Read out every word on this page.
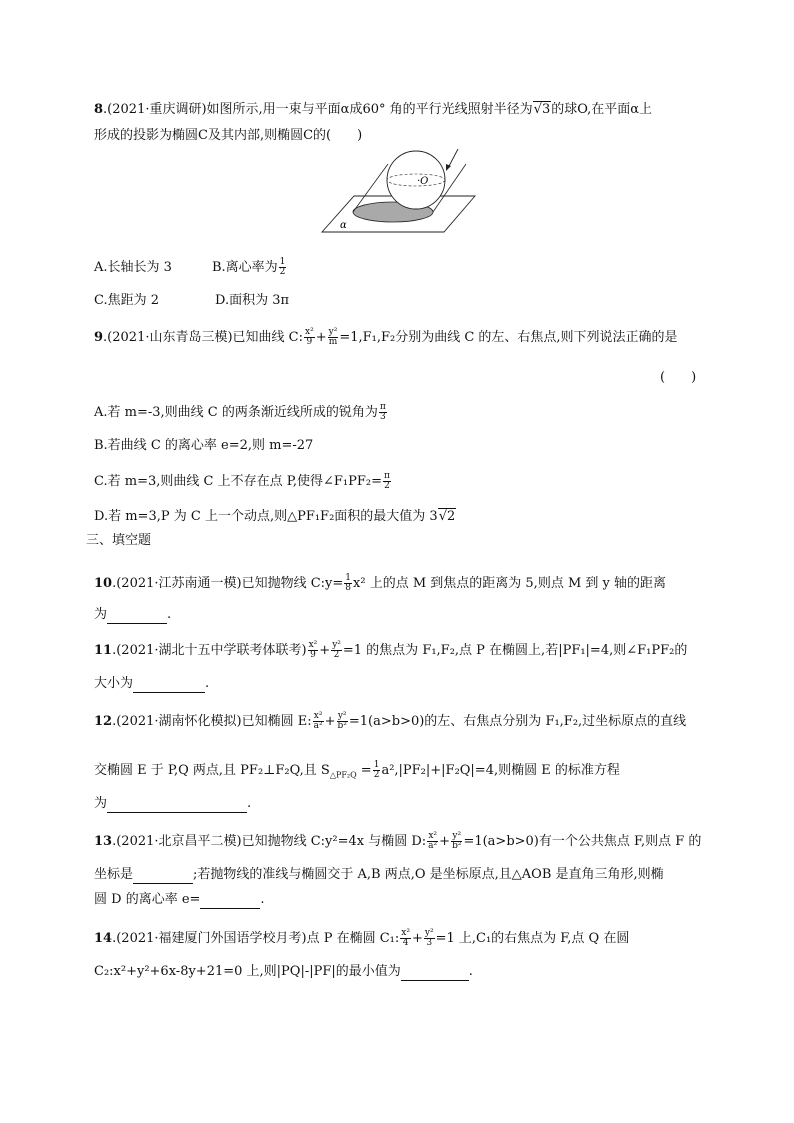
8.(2021·重庆调研)如图所示,用一束与平面α成60° 角的平行光线照射半径为√3的球O,在平面α上
形成的投影为椭圆C及其内部,则椭圆C的(　　)
·O
α
A.长轴长为 3	B.离心率为 $\frac{1}{2}$
C.焦距为 2	D.面积为 3π
9.(2021·山东青岛三模)已知曲线 C: $\frac{\text{x²}}{9} + \frac{\text{y²}}{m} =1,F_1,F_2$分别为曲线 C 的左、右焦点,则下列说法正确的是
(　　)
A.若 m=-3,则曲线 C 的两条渐近线所成的锐角为 $\frac{\pi}{3}$
B.若曲线 C 的离心率 e=2,则 m=-27
C.若 m=3,则曲线 C 上不存在点 P,使得∠F₁PF₂= $\frac{\pi}{2}$
D.若 m=3,P 为 C 上一个动点,则△PF₁F₂面积的最大值为 3√2
三、填空题
10.(2021·江苏南通一模)已知抛物线 C:y= $\frac{1}{8} x^2$ 上的点 M 到焦点的距离为 5,则点 M 到 y 轴的距离
为	.
11.(2021·湖北十五中学联考体联考) $\frac{\text{x²}}{9} + \frac{\text{y²}}{2} =1$ 的焦点为 F₁,F₂,点 P 在椭圆上,若|PF₁|=4,则∠F₁PF₂的
大小为	.
12.(2021·湖南怀化模拟)已知椭圆 E: $\frac{\text{x²}}{\text{a²}} + \frac{\text{y²}}{\text{b²}} =1(a>b>0)$的左、右焦点分别为 F₁,F₂,过坐标原点的直线
交椭圆 E 于 P,Q 两点,且 PF₂⊥F₂Q,且 $S_{\triangle PF_2Q} = \frac{1}{2} a^2,|PF_2|+|F_2Q|=4$,则椭圆 E 的标准方程
为	.
13.(2021·北京昌平二模)已知抛物线 C:y²=4x 与椭圆 D: $\frac{\text{x²}}{\text{a²}} + \frac{\text{y²}}{\text{b²}} =1(a>b>0)$有一个公共焦点 F,则点 F 的
坐标是	;若抛物线的准线与椭圆交于 A,B 两点,O 是坐标原点,且△AOB 是直角三角形,则椭
圆 D 的离心率 e=	.
14.(2021·福建厦门外国语学校月考)点 P 在椭圆 C₁: $\frac{\text{x²}}{4} + \frac{\text{y²}}{3} =1$ 上,C₁的右焦点为 F,点 Q 在圆
C₂:x²+y²+6x-8y+21=0 上,则|PQ|-|PF|的最小值为	.
